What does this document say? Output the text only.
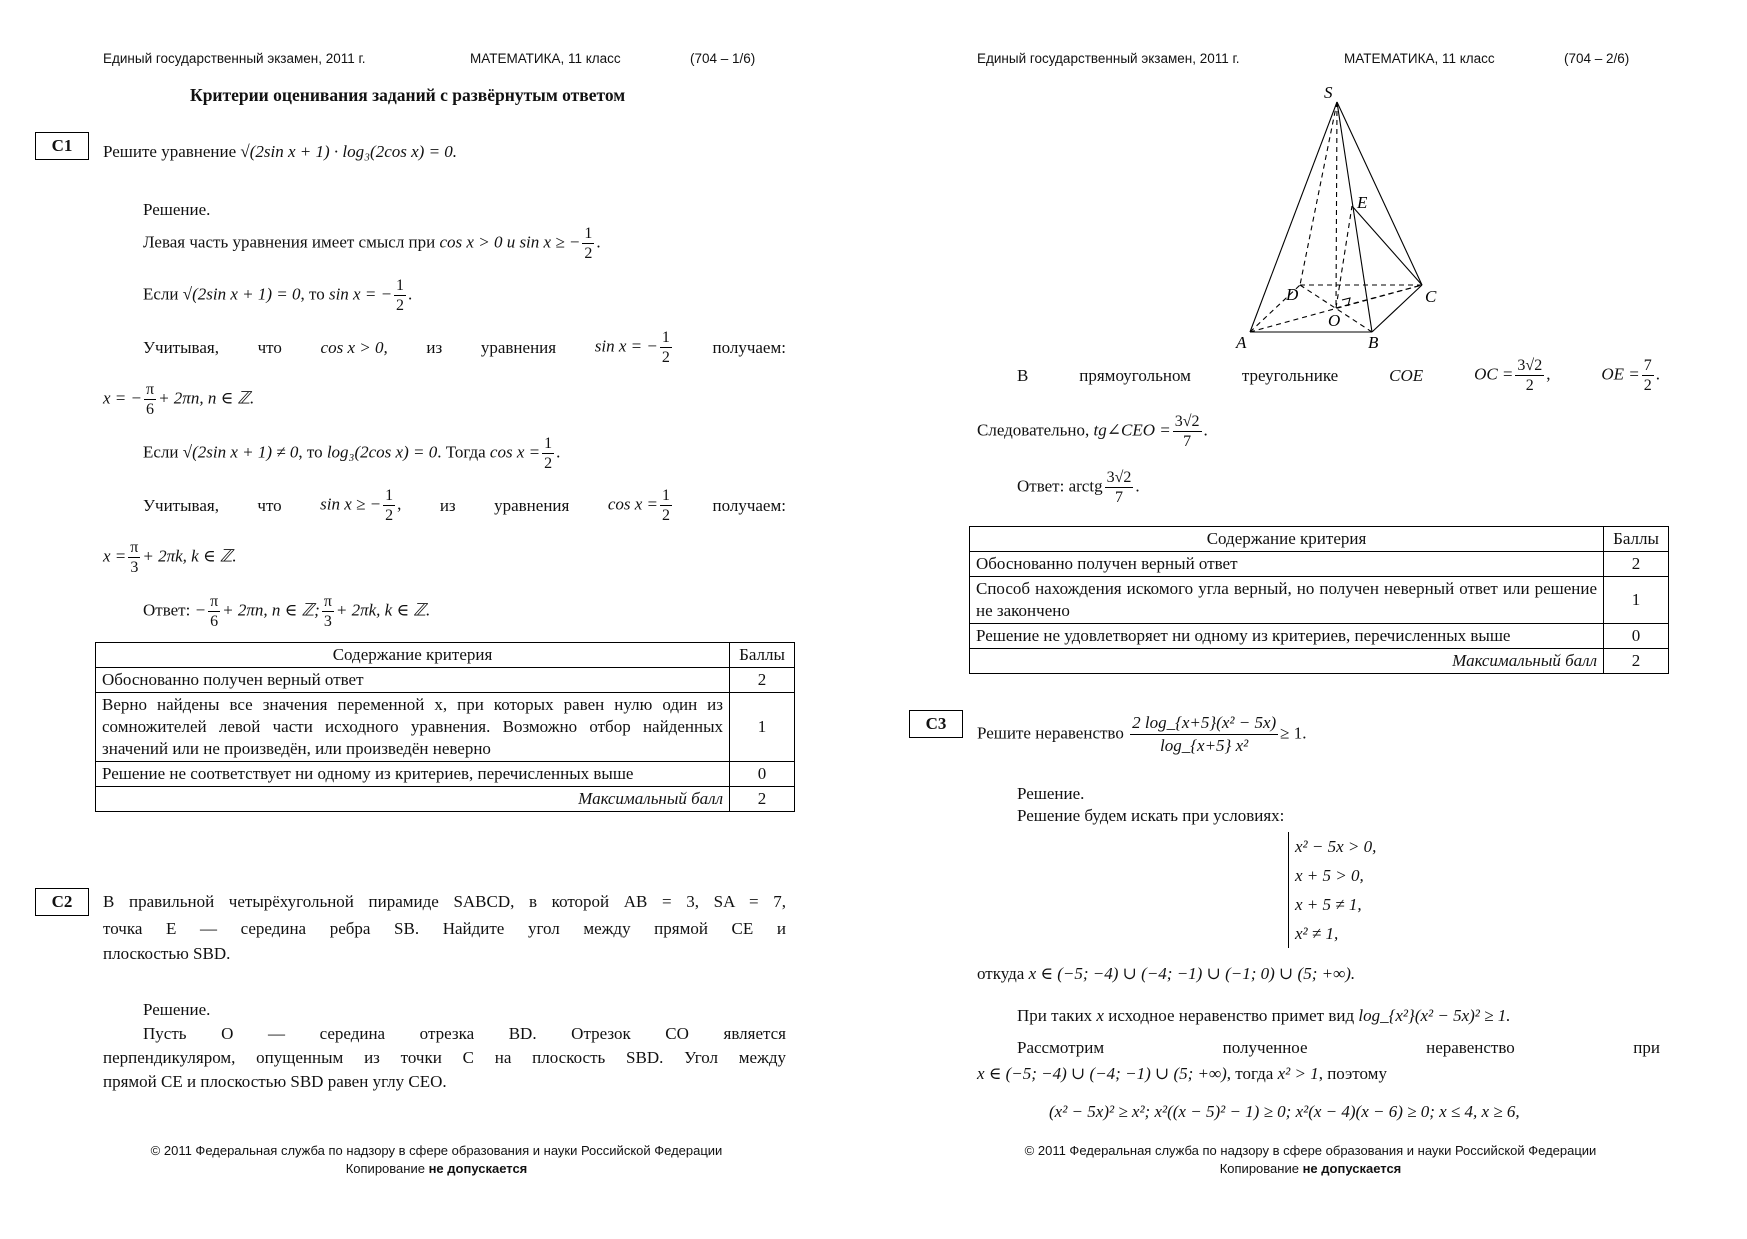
Единый государственный экзамен, 2011 г.	МАТЕМАТИКА, 11 класс	(704 – 1/6)
Критерии оценивания заданий с развёрнутым ответом
C1	Решите уравнение √(2sin x + 1) · log₃(2cos x) = 0.
Решение.
Левая часть уравнения имеет смысл при cos x > 0 и sin x ≥ − $\frac{1}{2}$ .
Если √(2sin x + 1) = 0, то sin x = − $\frac{1}{2}$ .
Учитывая, что cos x > 0, из уравнения sin x = − $\frac{1}{2}$ получаем:
x = − $\frac{\pi}{6} + 2\pi n$, n ∈ ℤ.
Если √(2sin x + 1) ≠ 0, то log₃(2cos x) = 0. Тогда $\cos x = \frac{1}{2}$ .
Учитывая, что sin x ≥ − $\frac{1}{2}$ , из уравнения $\cos x = \frac{1}{2}$ получаем:
$x = \frac{\pi}{3} + 2\pi k$, k ∈ ℤ.
Ответ: − $\frac{\pi}{6} + 2\pi n$, n ∈ ℤ; $\frac{\pi}{3} + 2\pi k$, k ∈ ℤ.
Содержание критерия	Баллы
Обоснованно получен верный ответ	2
Верно найдены все значения переменной x, при которых равен нулю один из сомножителей левой части исходного уравнения. Возможно отбор найденных значений или не произведён, или произведён неверно	1
Решение не соответствует ни одному из критериев, перечисленных выше	0
Максимальный балл	2
C2	В правильной четырёхугольной пирамиде SABCD, в которой AB = 3, SA = 7,
точка E — середина ребра SB. Найдите угол между прямой CE и
плоскостью SBD.
Решение.
Пусть O — середина отрезка BD. Отрезок CO является
перпендикуляром, опущенным из точки C на плоскость SBD. Угол между
прямой CE и плоскостью SBD равен углу CEO.
© 2011 Федеральная служба по надзору в сфере образования и науки Российской Федерации
Копирование не допускается
Единый государственный экзамен, 2011 г.	МАТЕМАТИКА, 11 класс	(704 – 2/6)
S
E
D	C
O
A	B
В	прямоугольном	треугольнике	COE	OC = $\frac{3√2}{2}$ ,	OE = $\frac{7}{2}$ .
Следовательно, tg∠CEO = $\frac{3√2}{7}$ .
Ответ: arctg $\frac{3√2}{7}$ .
Содержание критерия	Баллы
Обоснованно получен верный ответ	2
Способ нахождения искомого угла верный, но получен неверный ответ или решение не закончено	1
Решение не удовлетворяет ни одному из критериев, перечисленных выше	0
Максимальный балл	2
C3	Решите неравенство $\frac{\text{2 log\_\{x+5\}(x² − 5x)}}{\text{log\_\{x+5\} x²}} \ge 1$.
Решение.
Решение будем искать при условиях:
x² − 5x > 0,
x + 5 > 0,
x + 5 ≠ 1,
x² ≠ 1,
откуда x ∈ (−5; −4) ∪ (−4; −1) ∪ (−1; 0) ∪ (5; +∞).
При таких x исходное неравенство примет вид log_{x²}(x² − 5x)² ≥ 1.
Рассмотрим	полученное	неравенство	при
x ∈ (−5; −4) ∪ (−4; −1) ∪ (5; +∞), тогда x² > 1, поэтому
(x² − 5x)² ≥ x²; x²((x − 5)² − 1) ≥ 0; x²(x − 4)(x − 6) ≥ 0; x ≤ 4, x ≥ 6,
© 2011 Федеральная служба по надзору в сфере образования и науки Российской Федерации
Копирование не допускается
